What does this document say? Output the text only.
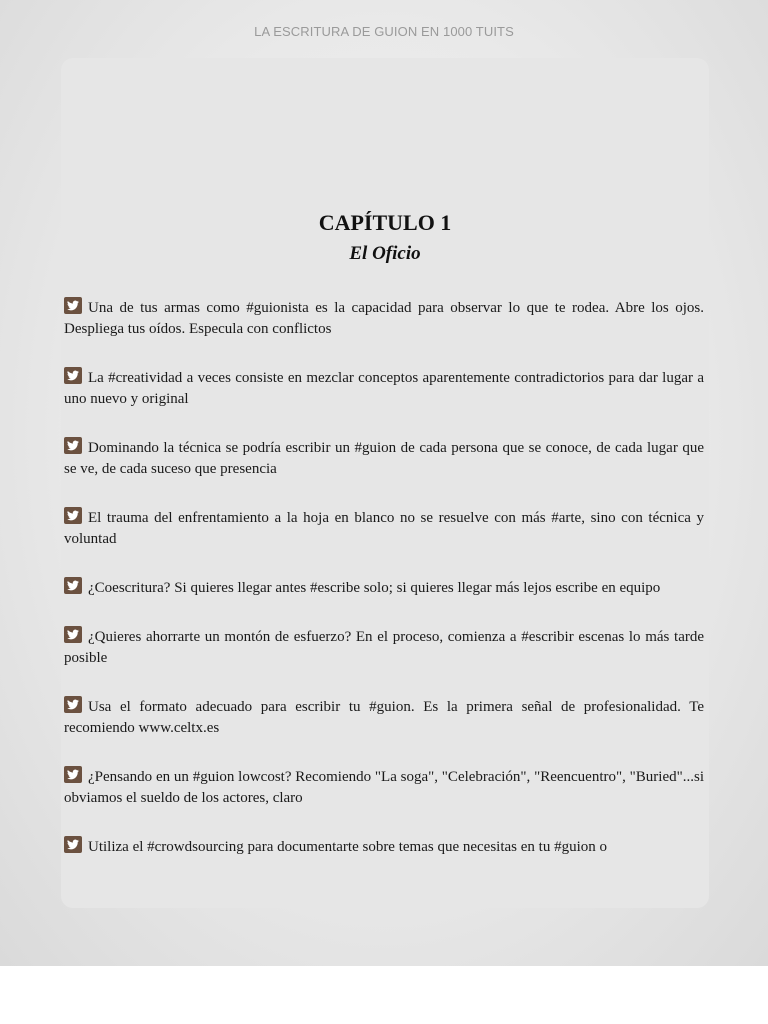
LA ESCRITURA DE GUION EN 1000 TUITS
CAPÍTULO 1
El Oficio
Una de tus armas como #guionista es la capacidad para observar lo que te rodea. Abre los ojos. Despliega tus oídos. Especula con conflictos
La #creatividad a veces consiste en mezclar conceptos aparentemente contradictorios para dar lugar a uno nuevo y original
Dominando la técnica se podría escribir un #guion de cada persona que se conoce, de cada lugar que se ve, de cada suceso que presencia
El trauma del enfrentamiento a la hoja en blanco no se resuelve con más #arte, sino con técnica y voluntad
¿Coescritura? Si quieres llegar antes #escribe solo; si quieres llegar más lejos escribe en equipo
¿Quieres ahorrarte un montón de esfuerzo? En el proceso, comienza a #escribir escenas lo más tarde posible
Usa el formato adecuado para escribir tu #guion. Es la primera señal de profesionalidad. Te recomiendo www.celtx.es
¿Pensando en un #guion lowcost? Recomiendo "La soga", "Celebración", "Reencuentro", "Buried"...si obviamos el sueldo de los actores, claro
Utiliza el #crowdsourcing para documentarte sobre temas que necesitas en tu #guion o
